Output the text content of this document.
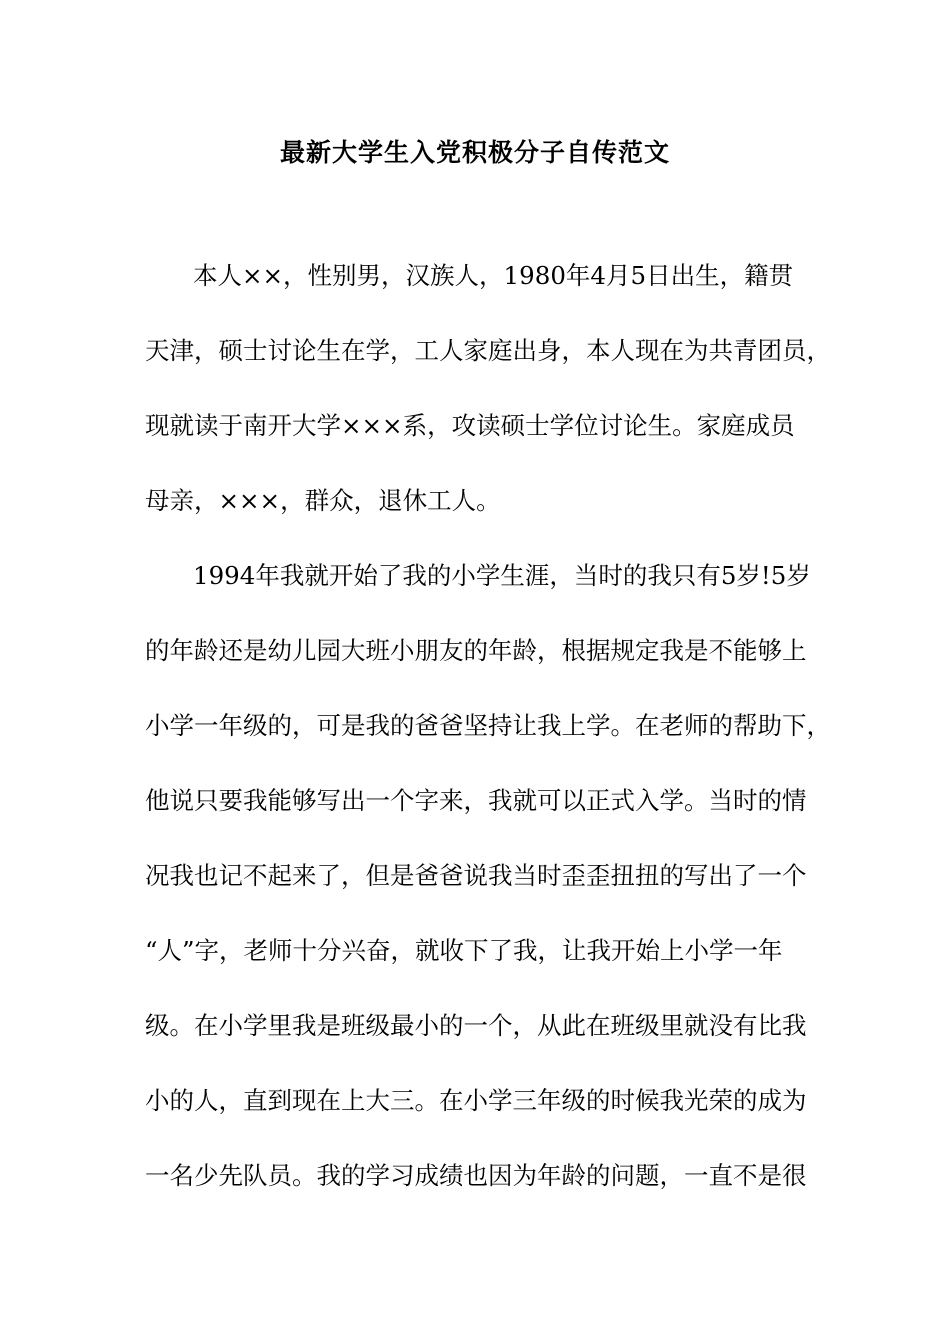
最新大学生入党积极分子自传范文

本人××，性别男，汉族人，1980年4月5日出生，籍贯

天津，硕士讨论生在学，工人家庭出身，本人现在为共青团员，

现就读于南开大学×××系，攻读硕士学位讨论生。家庭成员

母亲，×××，群众，退休工人。

1994年我就开始了我的小学生涯，当时的我只有5岁!5岁

的年龄还是幼儿园大班小朋友的年龄，根据规定我是不能够上

小学一年级的，可是我的爸爸坚持让我上学。在老师的帮助下，

他说只要我能够写出一个字来，我就可以正式入学。当时的情

况我也记不起来了，但是爸爸说我当时歪歪扭扭的写出了一个

“人”字，老师十分兴奋，就收下了我，让我开始上小学一年

级。在小学里我是班级最小的一个，从此在班级里就没有比我

小的人，直到现在上大三。在小学三年级的时候我光荣的成为

一名少先队员。我的学习成绩也因为年龄的问题，一直不是很
